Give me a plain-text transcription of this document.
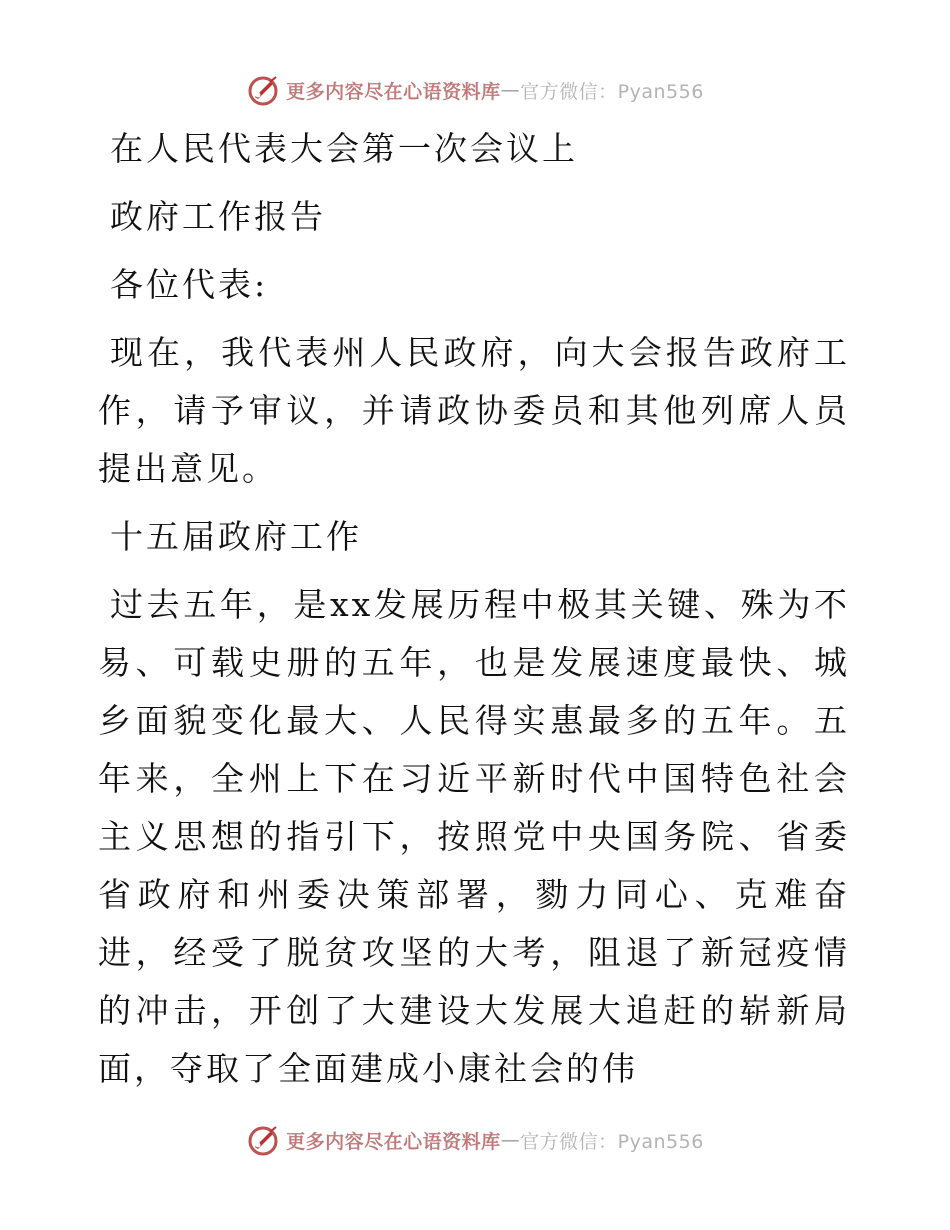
更多内容尽在心语资料库 — 官方微信：Pyan556

在人民代表大会第一次会议上

政府工作报告

各位代表:

现在，我代表州人民政府，向大会报告政府工作，请予审议，并请政协委员和其他列席人员提出意见。

十五届政府工作

过去五年，是xx发展历程中极其关键、殊为不易、可载史册的五年，也是发展速度最快、城乡面貌变化最大、人民得实惠最多的五年。五年来，全州上下在习近平新时代中国特色社会主义思想的指引下，按照党中央国务院、省委省政府和州委决策部署，勠力同心、克难奋进，经受了脱贫攻坚的大考，阻退了新冠疫情的冲击，开创了大建设大发展大追赶的崭新局面，夺取了全面建成小康社会的伟

更多内容尽在心语资料库 — 官方微信：Pyan556
